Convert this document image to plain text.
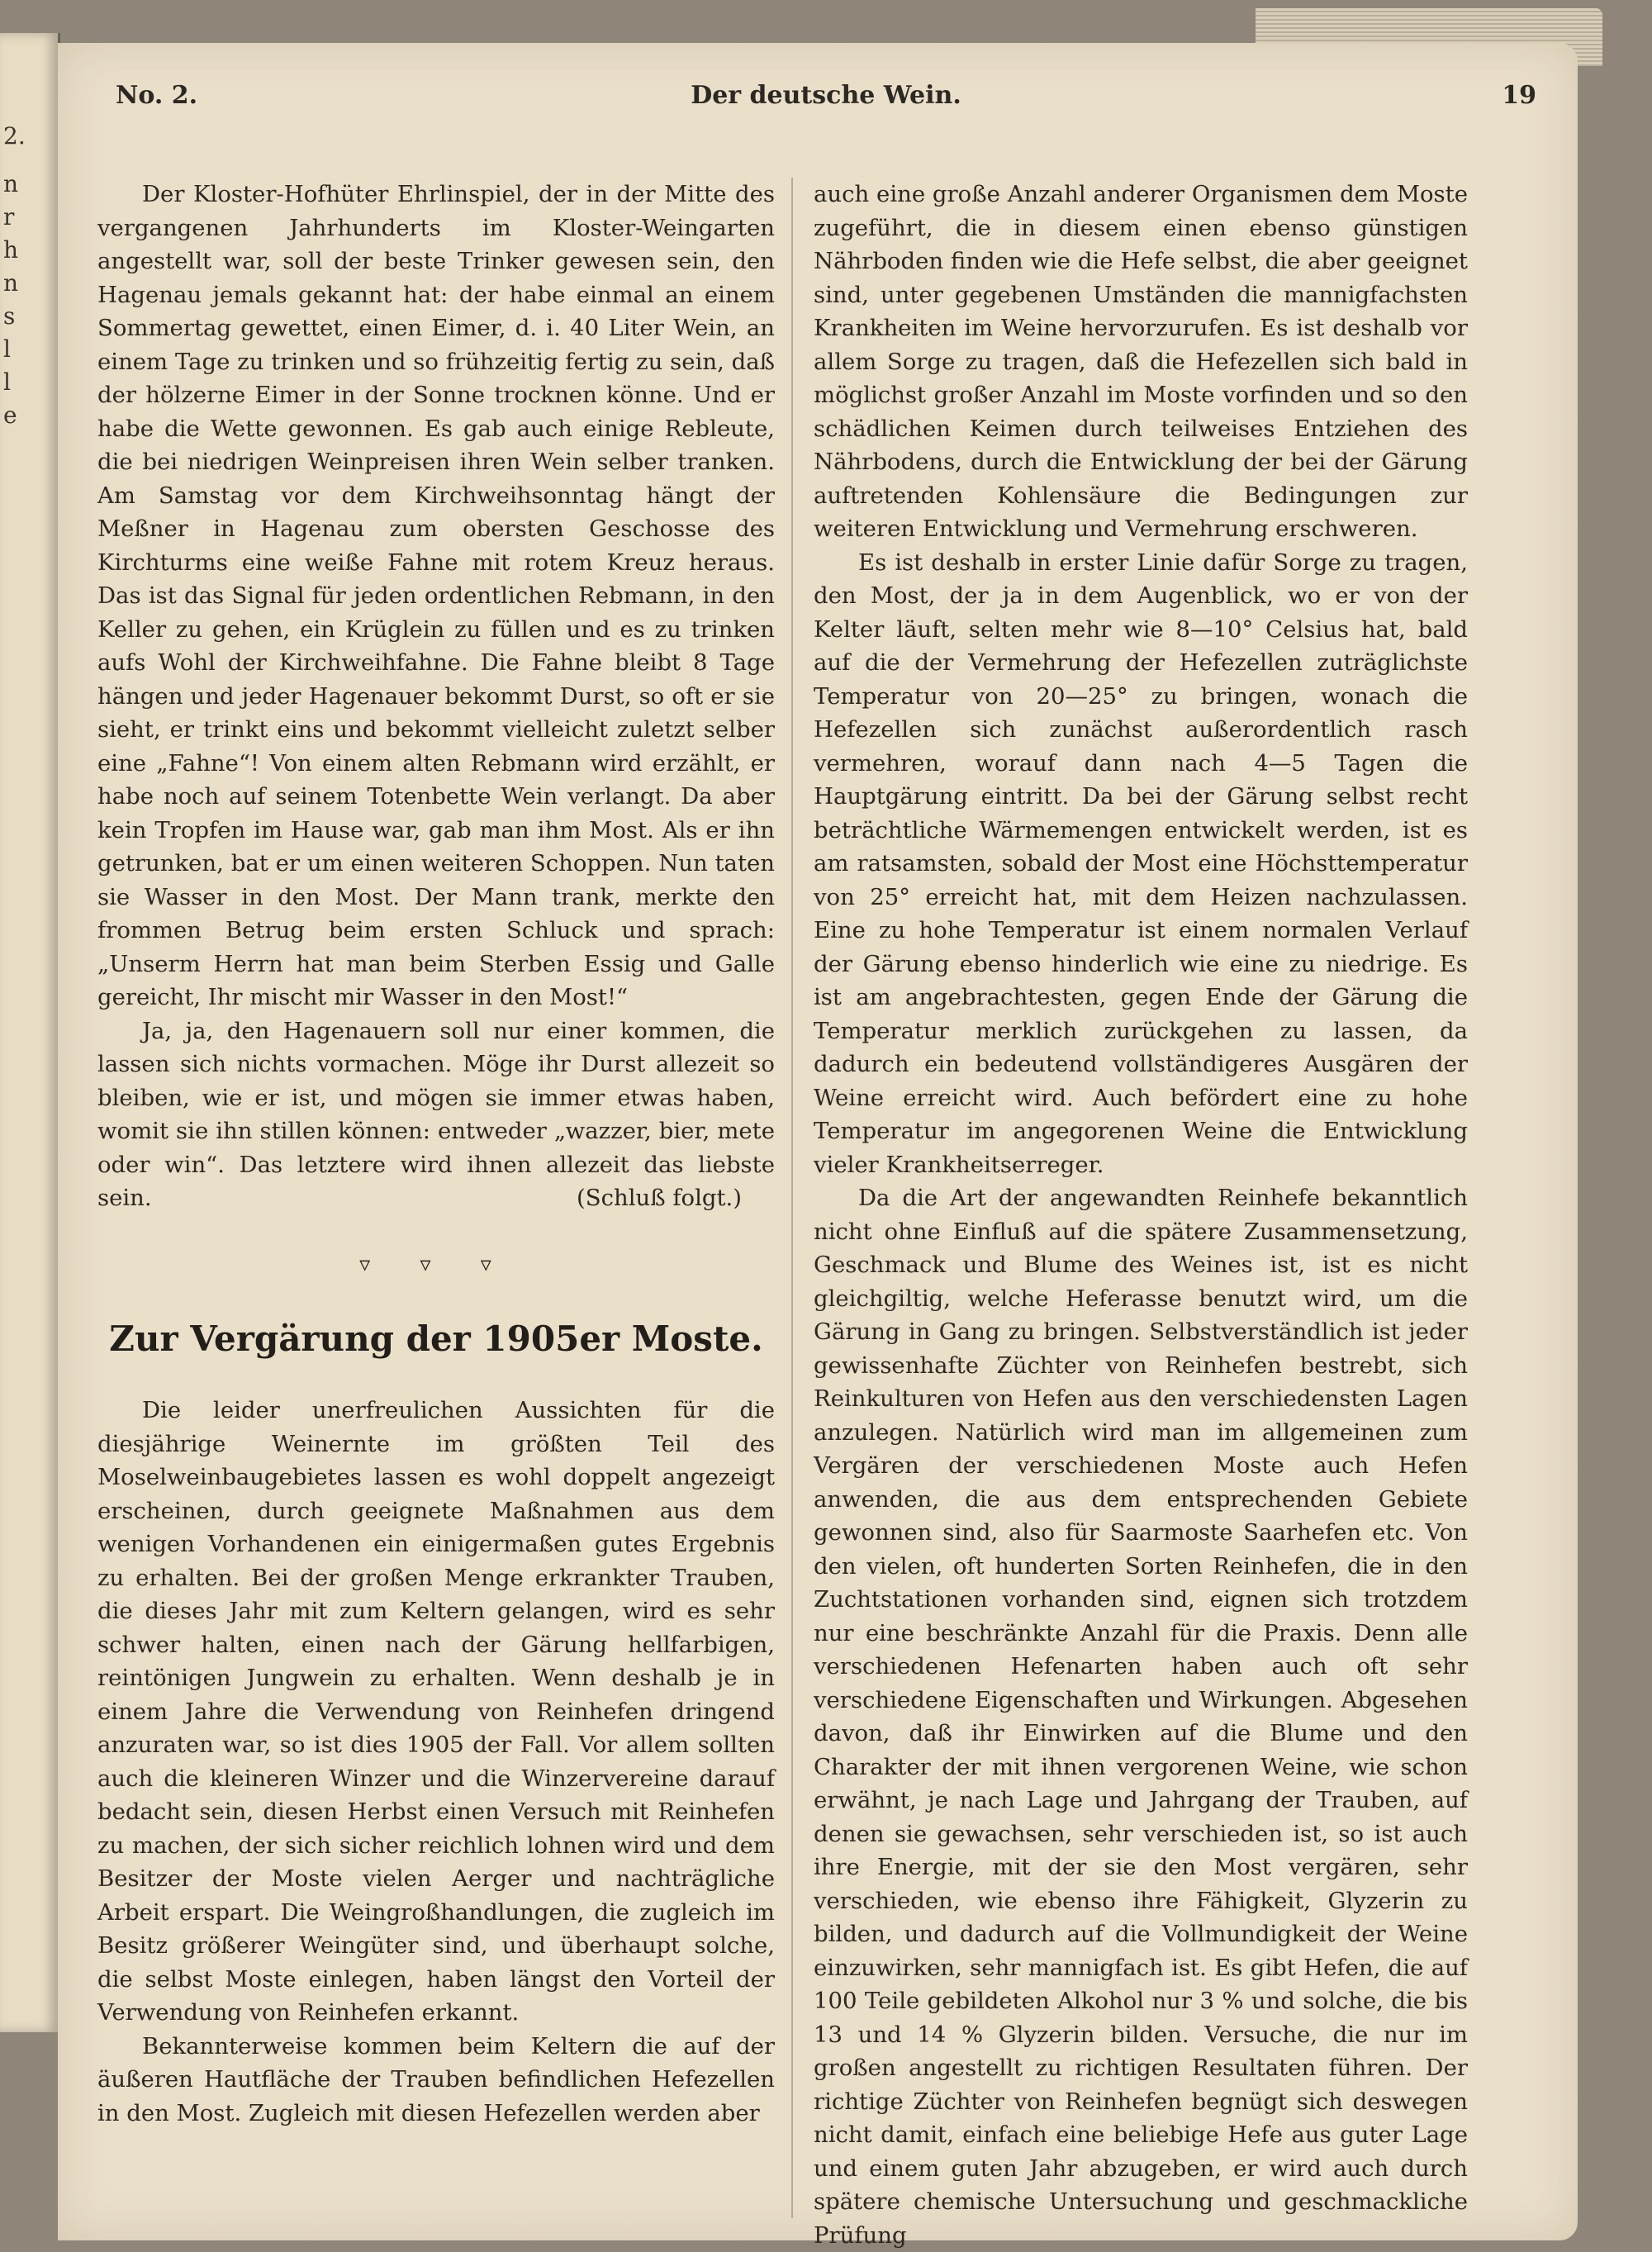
2.
n
r
h
n
s
l
l
e
No. 2.	Der deutsche Wein.	19

Der Kloster-Hofhüter Ehrlinspiel, der in der Mitte des vergangenen Jahrhunderts im Kloster-Weingarten angestellt war, soll der beste Trinker gewesen sein, den Hagenau jemals gekannt hat: der habe einmal an einem Sommertag gewettet, einen Eimer, d. i. 40 Liter Wein, an einem Tage zu trinken und so frühzeitig fertig zu sein, daß der hölzerne Eimer in der Sonne trocknen könne. Und er habe die Wette gewonnen. Es gab auch einige Rebleute, die bei niedrigen Weinpreisen ihren Wein selber tranken. Am Samstag vor dem Kirchweihsonntag hängt der Meßner in Hagenau zum obersten Geschosse des Kirchturms eine weiße Fahne mit rotem Kreuz heraus. Das ist das Signal für jeden ordentlichen Rebmann, in den Keller zu gehen, ein Krüglein zu füllen und es zu trinken aufs Wohl der Kirchweihfahne. Die Fahne bleibt 8 Tage hängen und jeder Hagenauer bekommt Durst, so oft er sie sieht, er trinkt eins und bekommt vielleicht zuletzt selber eine „Fahne“! Von einem alten Rebmann wird erzählt, er habe noch auf seinem Totenbette Wein verlangt. Da aber kein Tropfen im Hause war, gab man ihm Most. Als er ihn getrunken, bat er um einen weiteren Schoppen. Nun taten sie Wasser in den Most. Der Mann trank, merkte den frommen Betrug beim ersten Schluck und sprach: „Unserm Herrn hat man beim Sterben Essig und Galle gereicht, Ihr mischt mir Wasser in den Most!“

Ja, ja, den Hagenauern soll nur einer kommen, die lassen sich nichts vormachen. Möge ihr Durst allezeit so bleiben, wie er ist, und mögen sie immer etwas haben, womit sie ihn stillen können: entweder „wazzer, bier, mete oder win“. Das letztere wird ihnen allezeit das liebste sein.	(Schluß folgt.)
▿ ▿ ▿
Zur Vergärung der 1905er Moste.

Die leider unerfreulichen Aussichten für die diesjährige Weinernte im größten Teil des Moselweinbaugebietes lassen es wohl doppelt angezeigt erscheinen, durch geeignete Maßnahmen aus dem wenigen Vorhandenen ein einigermaßen gutes Ergebnis zu erhalten. Bei der großen Menge erkrankter Trauben, die dieses Jahr mit zum Keltern gelangen, wird es sehr schwer halten, einen nach der Gärung hellfarbigen, reintönigen Jungwein zu erhalten. Wenn deshalb je in einem Jahre die Verwendung von Reinhefen dringend anzuraten war, so ist dies 1905 der Fall. Vor allem sollten auch die kleineren Winzer und die Winzervereine darauf bedacht sein, diesen Herbst einen Versuch mit Reinhefen zu machen, der sich sicher reichlich lohnen wird und dem Besitzer der Moste vielen Aerger und nachträgliche Arbeit erspart. Die Weingroßhandlungen, die zugleich im Besitz größerer Weingüter sind, und überhaupt solche, die selbst Moste einlegen, haben längst den Vorteil der Verwendung von Reinhefen erkannt.

Bekannterweise kommen beim Keltern die auf der äußeren Hautfläche der Trauben befindlichen Hefezellen in den Most. Zugleich mit diesen Hefezellen werden aber

auch eine große Anzahl anderer Organismen dem Moste zugeführt, die in diesem einen ebenso günstigen Nährboden finden wie die Hefe selbst, die aber geeignet sind, unter gegebenen Umständen die mannigfachsten Krankheiten im Weine hervorzurufen. Es ist deshalb vor allem Sorge zu tragen, daß die Hefezellen sich bald in möglichst großer Anzahl im Moste vorfinden und so den schädlichen Keimen durch teilweises Entziehen des Nährbodens, durch die Entwicklung der bei der Gärung auftretenden Kohlensäure die Bedingungen zur weiteren Entwicklung und Vermehrung erschweren.

Es ist deshalb in erster Linie dafür Sorge zu tragen, den Most, der ja in dem Augenblick, wo er von der Kelter läuft, selten mehr wie 8—10° Celsius hat, bald auf die der Vermehrung der Hefezellen zuträglichste Temperatur von 20—25° zu bringen, wonach die Hefezellen sich zunächst außerordentlich rasch vermehren, worauf dann nach 4—5 Tagen die Hauptgärung eintritt. Da bei der Gärung selbst recht beträchtliche Wärmemengen entwickelt werden, ist es am ratsamsten, sobald der Most eine Höchsttemperatur von 25° erreicht hat, mit dem Heizen nachzulassen. Eine zu hohe Temperatur ist einem normalen Verlauf der Gärung ebenso hinderlich wie eine zu niedrige. Es ist am angebrachtesten, gegen Ende der Gärung die Temperatur merklich zurückgehen zu lassen, da dadurch ein bedeutend vollständigeres Ausgären der Weine erreicht wird. Auch befördert eine zu hohe Temperatur im angegorenen Weine die Entwicklung vieler Krankheitserreger.

Da die Art der angewandten Reinhefe bekanntlich nicht ohne Einfluß auf die spätere Zusammensetzung, Geschmack und Blume des Weines ist, ist es nicht gleichgiltig, welche Heferasse benutzt wird, um die Gärung in Gang zu bringen. Selbstverständlich ist jeder gewissenhafte Züchter von Reinhefen bestrebt, sich Reinkulturen von Hefen aus den verschiedensten Lagen anzulegen. Natürlich wird man im allgemeinen zum Vergären der verschiedenen Moste auch Hefen anwenden, die aus dem entsprechenden Gebiete gewonnen sind, also für Saarmoste Saarhefen etc. Von den vielen, oft hunderten Sorten Reinhefen, die in den Zuchtstationen vorhanden sind, eignen sich trotzdem nur eine beschränkte Anzahl für die Praxis. Denn alle verschiedenen Hefenarten haben auch oft sehr verschiedene Eigenschaften und Wirkungen. Abgesehen davon, daß ihr Einwirken auf die Blume und den Charakter der mit ihnen vergorenen Weine, wie schon erwähnt, je nach Lage und Jahrgang der Trauben, auf denen sie gewachsen, sehr verschieden ist, so ist auch ihre Energie, mit der sie den Most vergären, sehr verschieden, wie ebenso ihre Fähigkeit, Glyzerin zu bilden, und dadurch auf die Vollmundigkeit der Weine einzuwirken, sehr mannigfach ist. Es gibt Hefen, die auf 100 Teile gebildeten Alkohol nur 3 % und solche, die bis 13 und 14 % Glyzerin bilden. Versuche, die nur im großen angestellt zu richtigen Resultaten führen. Der richtige Züchter von Reinhefen begnügt sich deswegen nicht damit, einfach eine beliebige Hefe aus guter Lage und einem guten Jahr abzugeben, er wird auch durch spätere chemische Untersuchung und geschmackliche Prüfung
